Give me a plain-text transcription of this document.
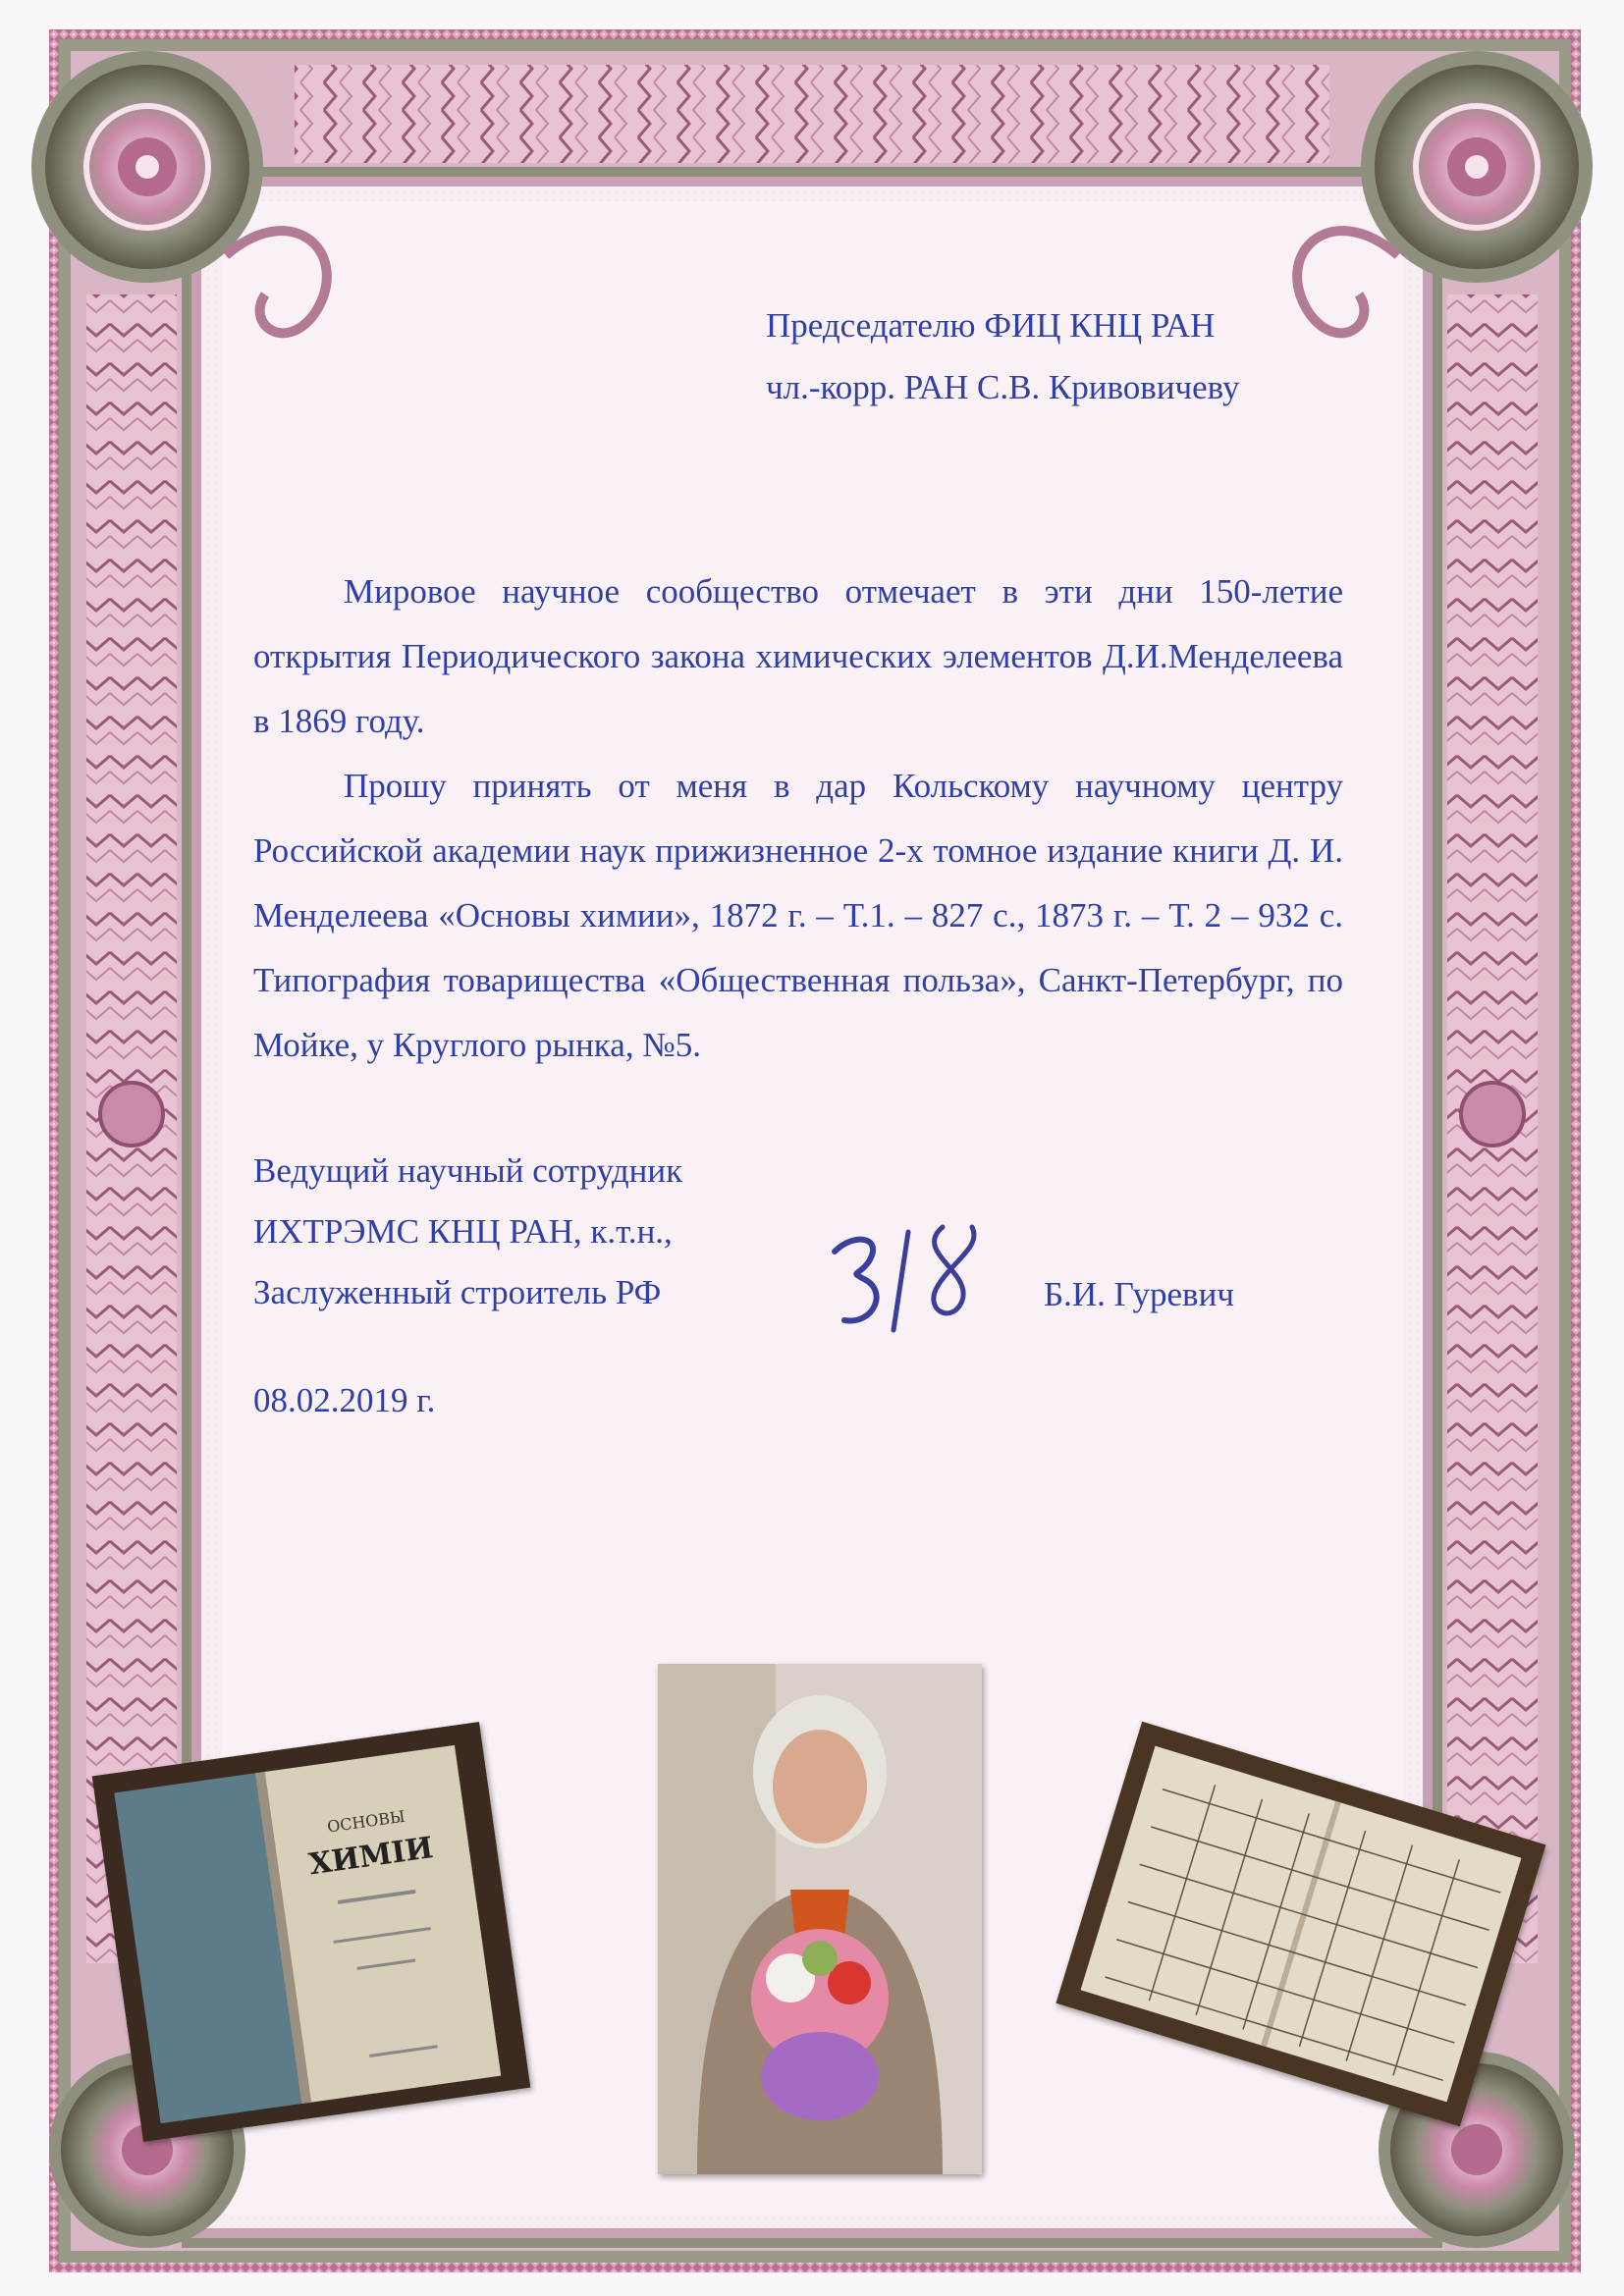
Председателю ФИЦ КНЦ РАН
чл.-корр. РАН С.В. Кривовичеву

Мировое научное сообщество отмечает в эти дни 150-летие открытия Периодического закона химических элементов Д.И.Менделеева в 1869 году.

Прошу принять от меня в дар Кольскому научному центру Российской академии наук прижизненное 2-х томное издание книги Д. И. Менделеева «Основы химии», 1872 г. – Т.1. – 827 с., 1873 г. – Т. 2 – 932 с. Типография товарищества «Общественная польза», Санкт-Петербург, по Мойке, у Круглого рынка, №5.

Ведущий научный сотрудник
ИХТРЭМС КНЦ РАН, к.т.н.,
Заслуженный строитель РФ	Б.И. Гуревич
08.02.2019 г.
ОСНОВЫ
ХИМІИ
